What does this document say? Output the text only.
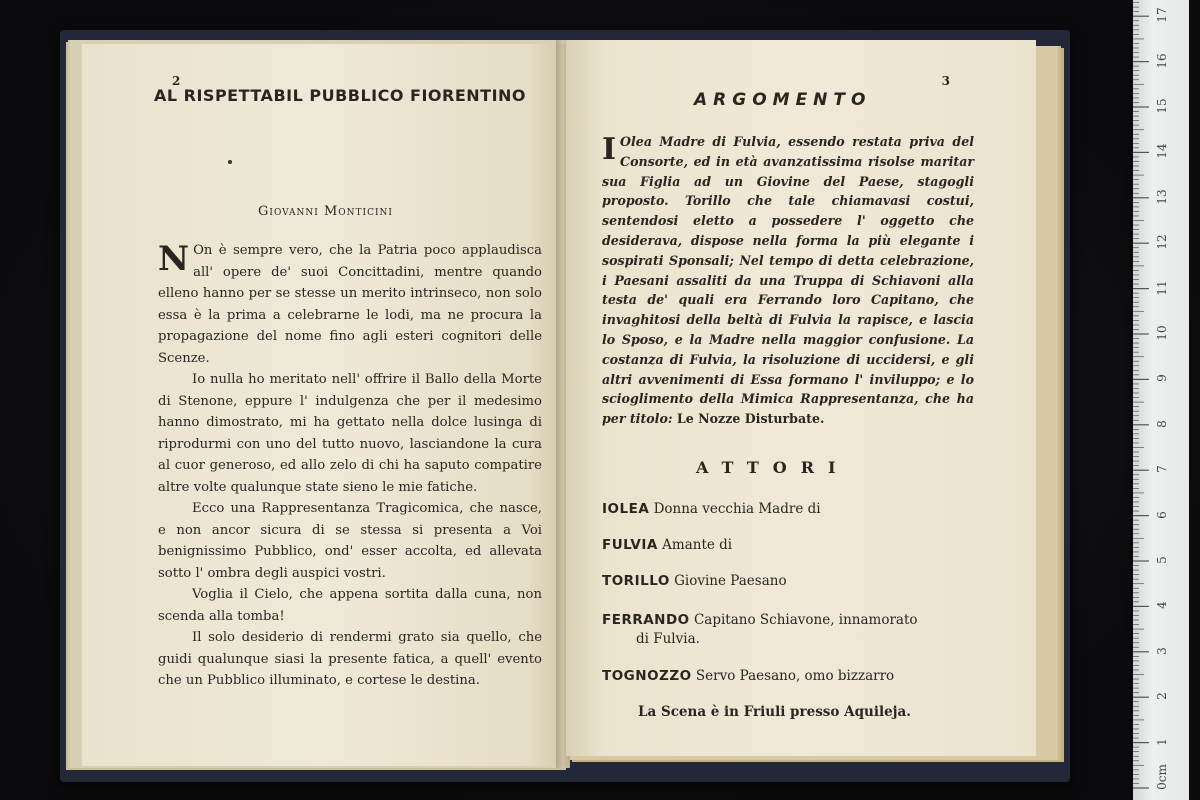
2
AL RISPETTABIL PUBBLICO FIORENTINO
Giovanni Monticini

N On è sempre vero, che la Patria poco applaudisca all' opere de' suoi Concittadini, mentre quando elleno hanno per se stesse un merito intrinseco, non solo essa è la prima a celebrarne le lodi, ma ne procura la propagazione del nome fino agli esteri cognitori delle Scenze.

Io nulla ho meritato nell' offrire il Ballo della Morte di Stenone, eppure l' indulgenza che per il medesimo hanno dimostrato, mi ha gettato nella dolce lusinga di riprodurmi con uno del tutto nuovo, lasciandone la cura al cuor generoso, ed allo zelo di chi ha saputo compatire altre volte qualunque state sieno le mie fatiche.

Ecco una Rappresentanza Tragicomica, che nasce, e non ancor sicura di se stessa si presenta a Voi benignissimo Pubblico, ond' esser accolta, ed allevata sotto l' ombra degli auspici vostri.

Voglia il Cielo, che appena sortita dalla cuna, non scenda alla tomba!

Il solo desiderio di rendermi grato sia quello, che guidi qualunque siasi la presente fatica, a quell' evento che un Pubblico illuminato, e cortese le destina.

3
ARGOMENTO
I Olea Madre di Fulvia, essendo restata priva del Consorte, ed in età avanzatissima risolse maritar sua Figlia ad un Giovine del Paese, stagogli proposto. Torillo che tale chiamavasi costui, sentendosi eletto a possedere l' oggetto che desiderava, dispose nella forma la più elegante i sospirati Sponsali; Nel tempo di detta celebrazione, i Paesani assaliti da una Truppa di Schiavoni alla testa de' quali era Ferrando loro Capitano, che invaghitosi della beltà di Fulvia la rapisce, e lascia lo Sposo, e la Madre nella maggior confusione. La costanza di Fulvia, la risoluzione di uccidersi, e gli altri avvenimenti di Essa formano l' inviluppo; e lo scioglimento della Mimica Rappresentanza, che ha per titolo: Le Nozze Disturbate.
ATTORI
IOLEA Donna vecchia Madre di
FULVIA Amante di
TORILLO Giovine Paesano
FERRANDO Capitano Schiavone, innamorato
di Fulvia.
TOGNOZZO Servo Paesano, omo bizzarro
La Scena è in Friuli presso Aquileja.
0cm
1
2
3
4
5
6
7
8
9
10
11
12
13
14
15
16
17
